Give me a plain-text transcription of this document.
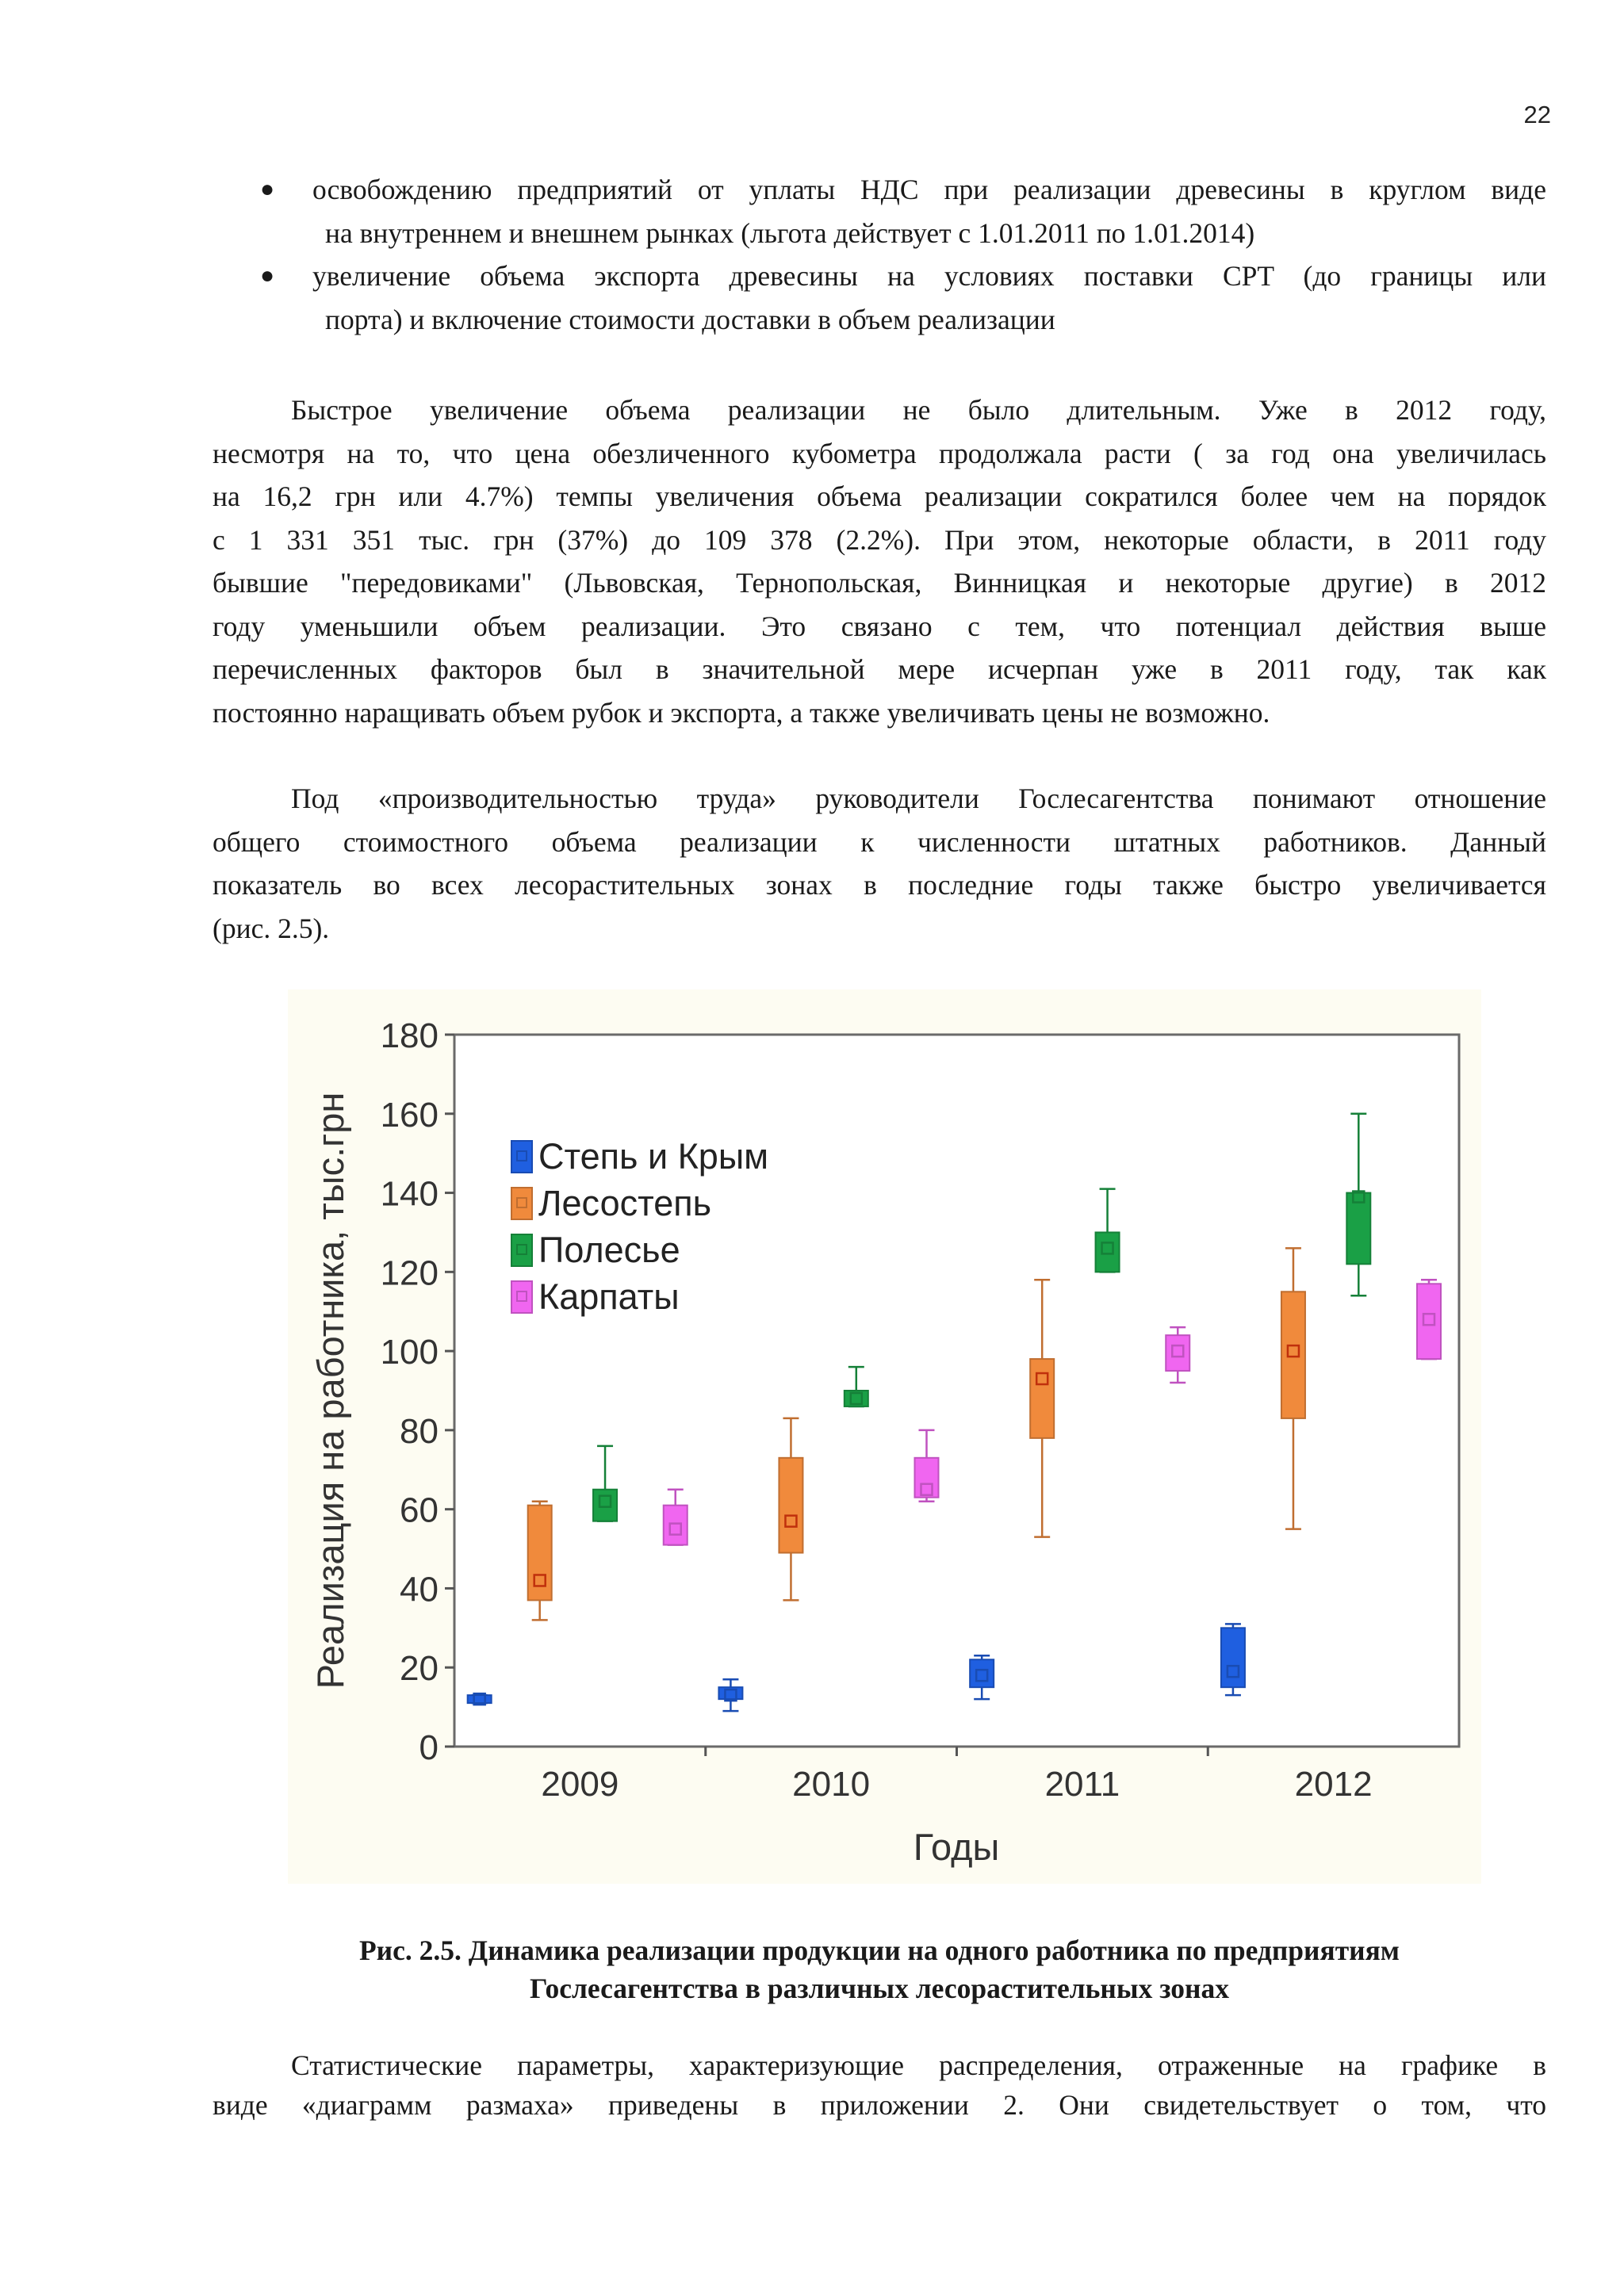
22
● освобождению предприятий от уплаты НДС при реализации древесины в круглом виде
на внутреннем и внешнем рынках (льгота действует с 1.01.2011 по 1.01.2014)
● увеличение объема экспорта древесины на условиях поставки CPT (до границы или
порта) и включение стоимости доставки в объем реализации
Быстрое увеличение объема реализации не было длительным. Уже в 2012 году,
несмотря на то, что цена обезличенного кубометра продолжала расти ( за год она увеличилась
на 16,2 грн или 4.7%) темпы увеличения объема реализации сократился более чем на порядок
с 1 331 351 тыс. грн (37%) до 109 378 (2.2%). При этом, некоторые области, в 2011 году
бывшие "передовиками" (Львовская, Тернопольская, Винницкая и некоторые другие) в 2012
году уменьшили объем реализации. Это связано с тем, что потенциал действия выше
перечисленных факторов был в значительной мере исчерпан уже в 2011 году, так как
постоянно наращивать объем рубок и экспорта, а также увеличивать цены не возможно.
Под «производительностью труда» руководители Гослесагентства понимают отношение
общего стоимостного объема реализации к численности штатных работников. Данный
показатель во всех лесорастительных зонах в последние годы также быстро увеличивается
(рис. 2.5).
0
20
40
60
80
100
120
140
160
180
2009	2010	2011	2012
Степь и Крым
Лесостепь
Полесье
Карпаты
Реализация на работника, тыс.грн
Годы
Рис. 2.5. Динамика реализации продукции на одного работника по предприятиям
Гослесагентства в различных лесорастительных зонах
Статистические параметры, характеризующие распределения, отраженные на графике в
виде «диаграмм размаха» приведены в приложении 2. Они свидетельствует о том, что
